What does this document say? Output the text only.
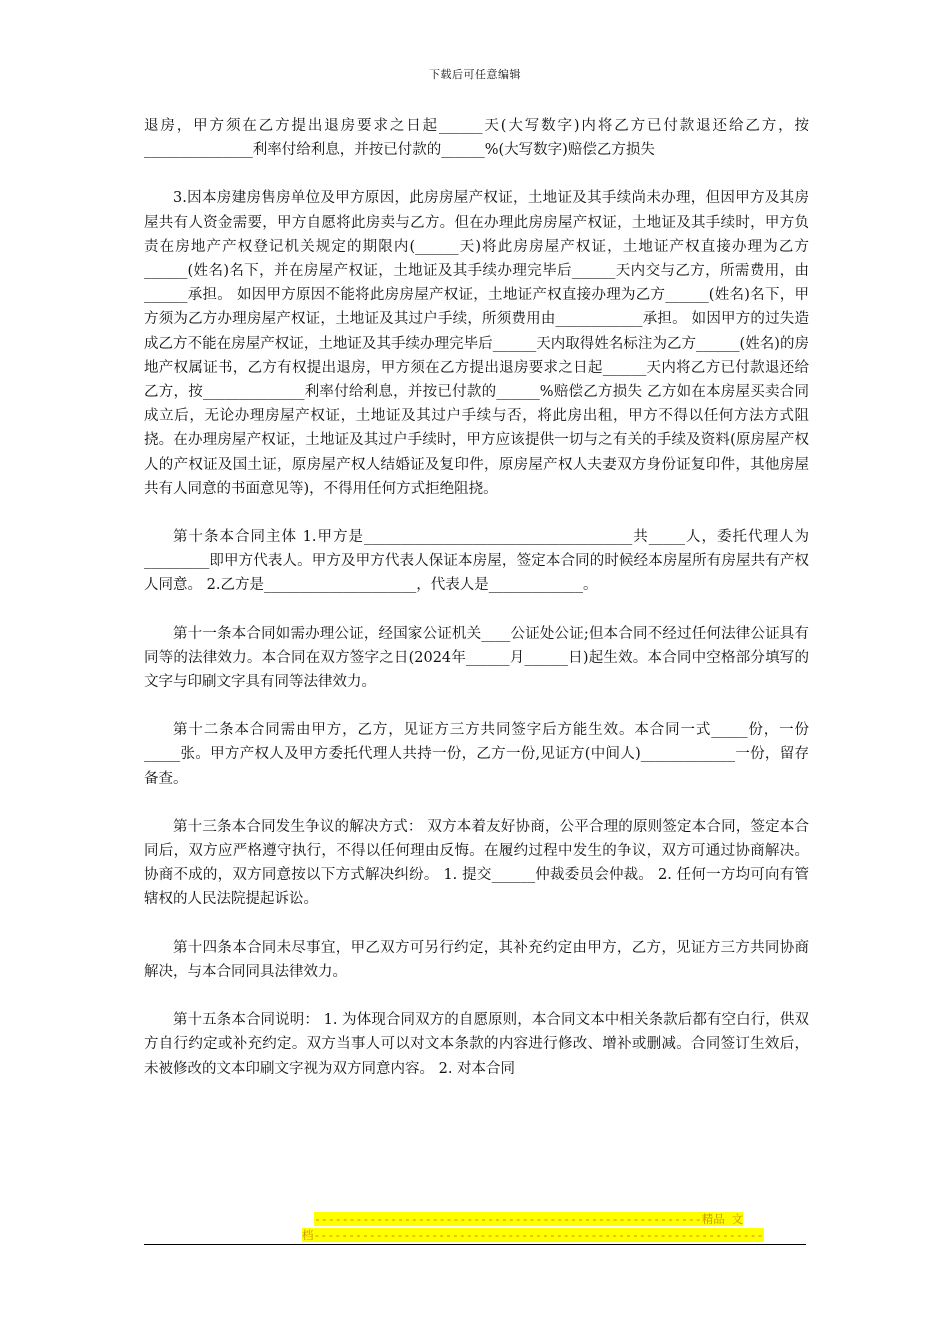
下载后可任意编辑

退房，甲方须在乙方提出退房要求之日起______天(大写数字)内将乙方已付款退还给乙方，按_______________利率付给利息，并按已付款的______%(大写数字)赔偿乙方损失

3.因本房建房售房单位及甲方原因，此房房屋产权证，土地证及其手续尚未办理，但因甲方及其房屋共有人资金需要，甲方自愿将此房卖与乙方。但在办理此房房屋产权证，土地证及其手续时，甲方负责在房地产产权登记机关规定的期限内(______天)将此房房屋产权证，土地证产权直接办理为乙方______(姓名)名下，并在房屋产权证，土地证及其手续办理完毕后______天内交与乙方，所需费用，由______承担。 如因甲方原因不能将此房房屋产权证，土地证产权直接办理为乙方______(姓名)名下，甲方须为乙方办理房屋产权证，土地证及其过户手续，所须费用由____________承担。 如因甲方的过失造成乙方不能在房屋产权证，土地证及其手续办理完毕后______天内取得姓名标注为乙方______(姓名)的房地产权属证书，乙方有权提出退房，甲方须在乙方提出退房要求之日起______天内将乙方已付款退还给乙方，按______________利率付给利息，并按已付款的______%赔偿乙方损失 乙方如在本房屋买卖合同成立后，无论办理房屋产权证，土地证及其过户手续与否，将此房出租，甲方不得以任何方法方式阻挠。在办理房屋产权证，土地证及其过户手续时，甲方应该提供一切与之有关的手续及资料(原房屋产权人的产权证及国土证，原房屋产权人结婚证及复印件，原房屋产权人夫妻双方身份证复印件，其他房屋共有人同意的书面意见等)，不得用任何方式拒绝阻挠。

第十条本合同主体 1.甲方是_____________________________________共_____人，委托代理人为_________即甲方代表人。甲方及甲方代表人保证本房屋，签定本合同的时候经本房屋所有房屋共有产权人同意。 2.乙方是_____________________，代表人是_____________。

第十一条本合同如需办理公证，经国家公证机关____公证处公证;但本合同不经过任何法律公证具有同等的法律效力。本合同在双方签字之日(2024年______月______日)起生效。本合同中空格部分填写的文字与印刷文字具有同等法律效力。

第十二条本合同需由甲方，乙方，见证方三方共同签字后方能生效。本合同一式_____份，一份_____张。甲方产权人及甲方委托代理人共持一份，乙方一份,见证方(中间人)_____________一份，留存备查。

第十三条本合同发生争议的解决方式： 双方本着友好协商，公平合理的原则签定本合同，签定本合同后，双方应严格遵守执行，不得以任何理由反悔。在履约过程中发生的争议，双方可通过协商解决。协商不成的，双方同意按以下方式解决纠纷。 1. 提交______仲裁委员会仲裁。 2. 任何一方均可向有管辖权的人民法院提起诉讼。

第十四条本合同未尽事宜，甲乙双方可另行约定，其补充约定由甲方，乙方，见证方三方共同协商解决，与本合同同具法律效力。

第十五条本合同说明： 1. 为体现合同双方的自愿原则，本合同文本中相关条款后都有空白行，供双方自行约定或补充约定。双方当事人可以对文本条款的内容进行修改、增补或删减。合同签订生效后，未被修改的文本印刷文字视为双方同意内容。 2. 对本合同

--------------------------------------------------------精品 文
档-----------------------------------------------------------------
